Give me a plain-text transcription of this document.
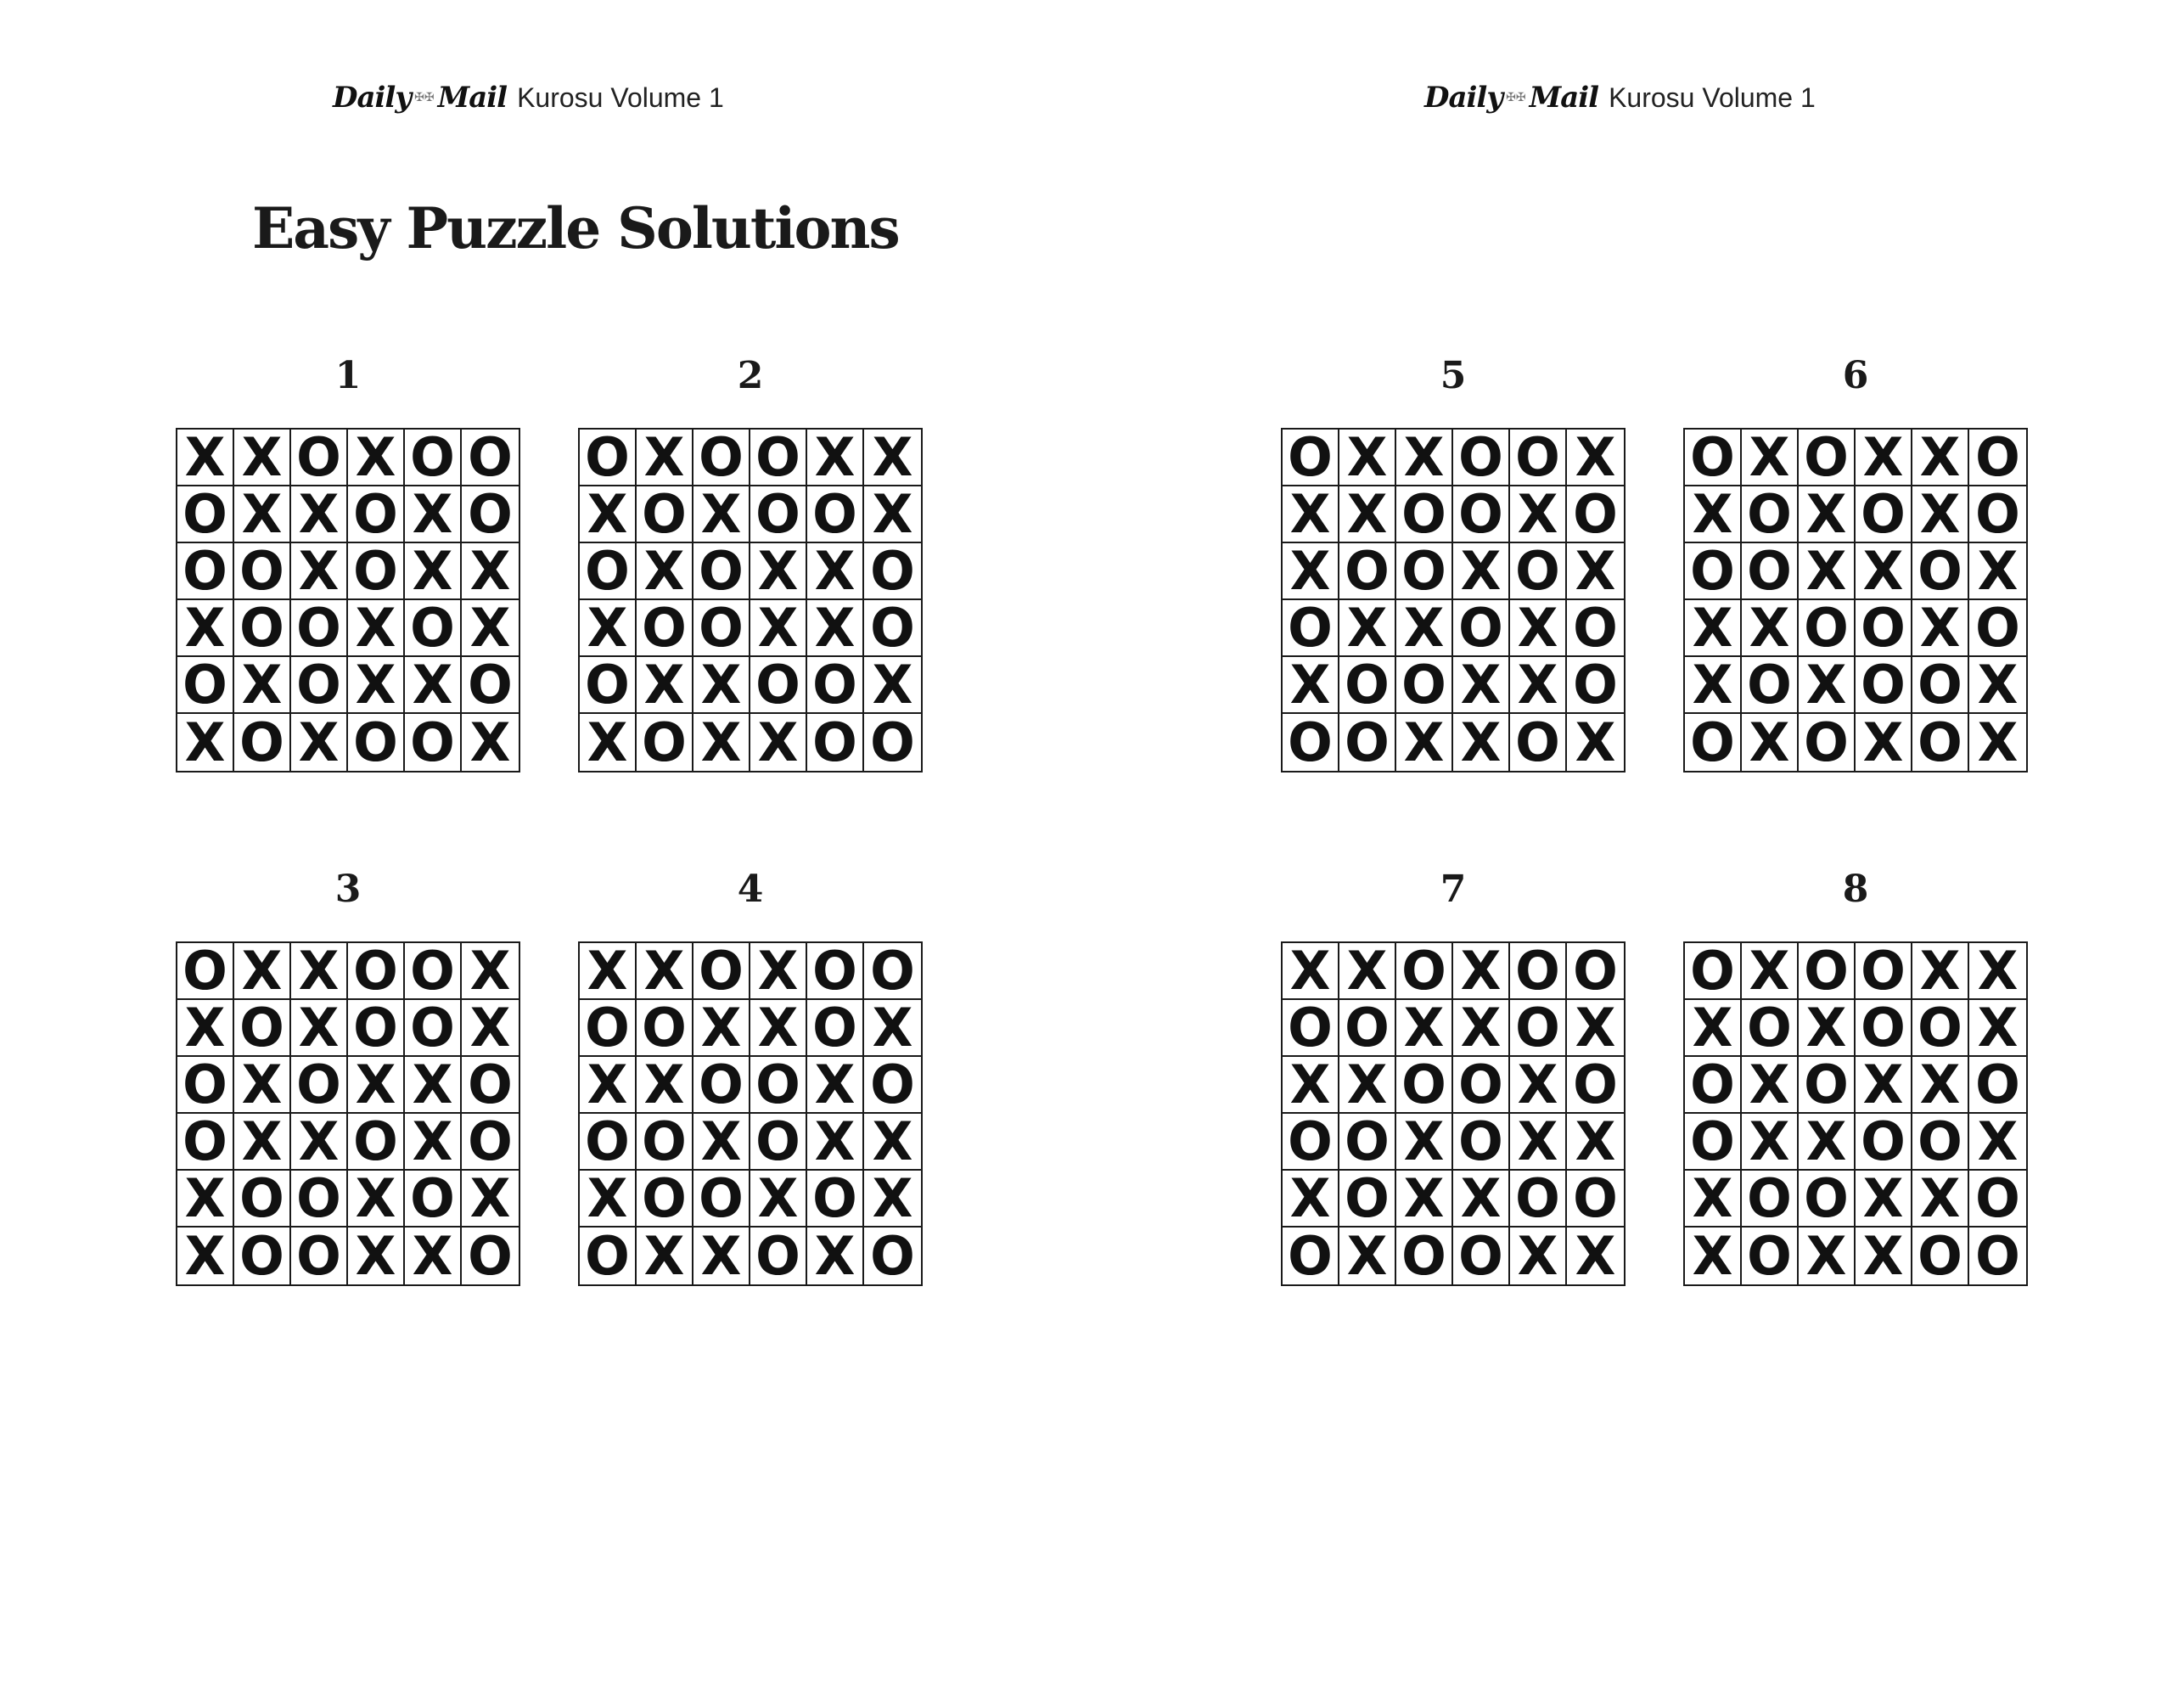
Daily ✠✠ Mail Kurosu Volume 1
Easy Puzzle Solutions
1
X X O X O O
O X X O X O
O O X O X X
X O O X O X
O X O X X O
X O X O O X
2
O X O O X X
X O X O O X
O X O X X O
X O O X X O
O X X O O X
X O X X O O
3
O X X O O X
X O X O O X
O X O X X O
O X X O X O
X O O X O X
X O O X X O
4
X X O X O O
O O X X O X
X X O O X O
O O X O X X
X O O X O X
O X X O X O
Daily ✠✠ Mail Kurosu Volume 1
5
O X X O O X
X X O O X O
X O O X O X
O X X O X O
X O O X X O
O O X X O X
6
O X O X X O
X O X O X O
O O X X O X
X X O O X O
X O X O O X
O X O X O X
7
X X O X O O
O O X X O X
X X O O X O
O O X O X X
X O X X O O
O X O O X X
8
O X O O X X
X O X O O X
O X O X X O
O X X O O X
X O O X X O
X O X X O O
